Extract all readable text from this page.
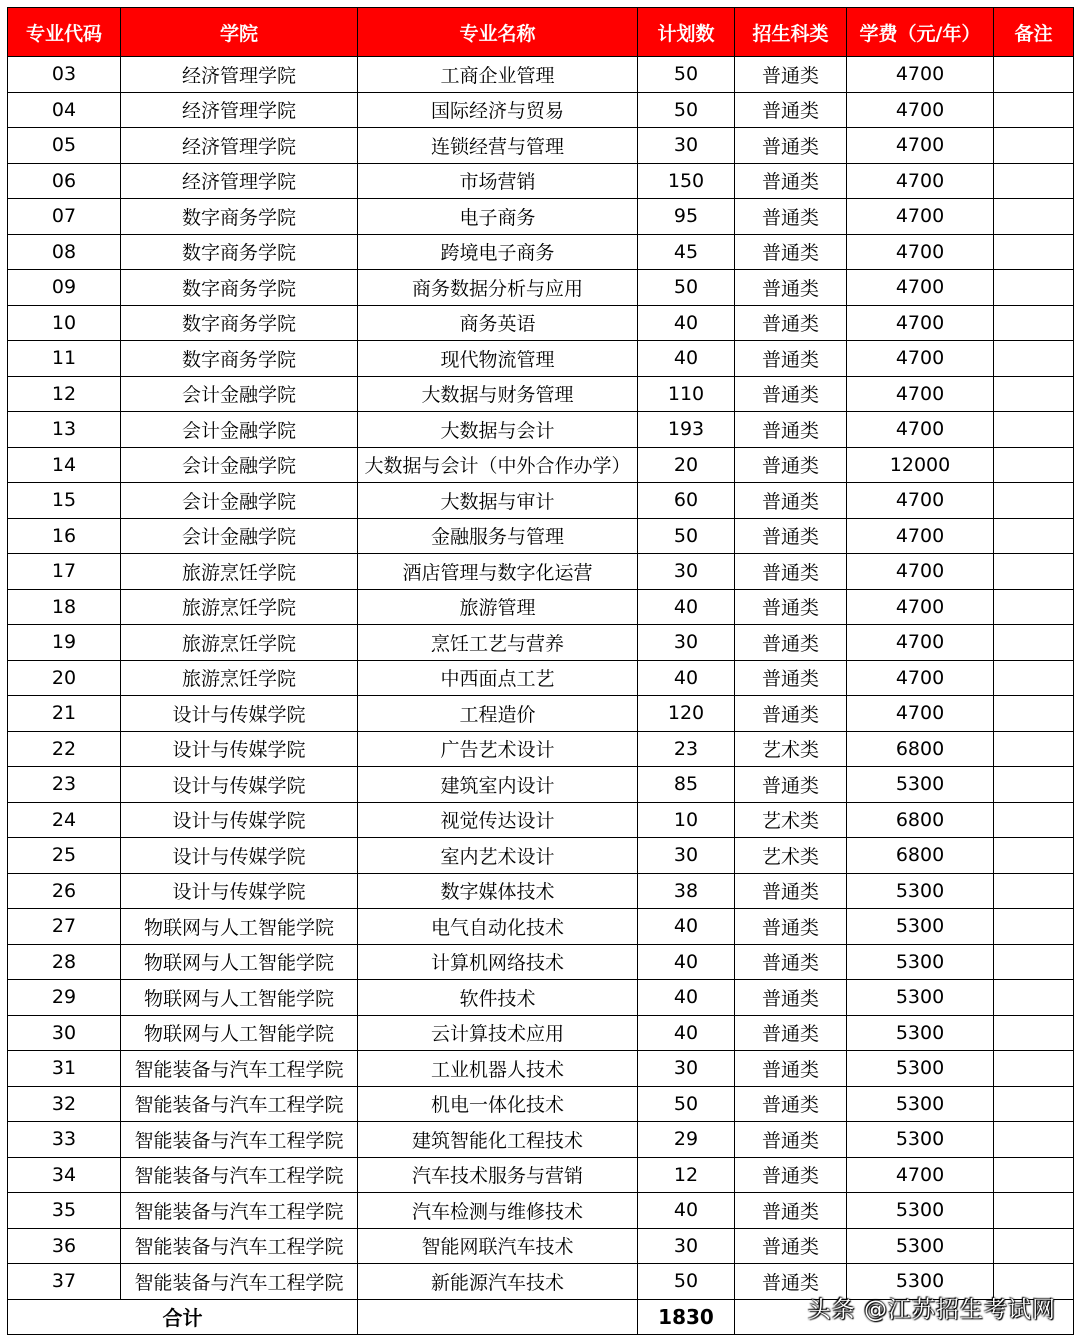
专业代码	学院	专业名称	计划数	招生科类	学费（元/年）	备注
03	经济管理学院	工商企业管理	50	普通类	4700	
04	经济管理学院	国际经济与贸易	50	普通类	4700	
05	经济管理学院	连锁经营与管理	30	普通类	4700	
06	经济管理学院	市场营销	150	普通类	4700	
07	数字商务学院	电子商务	95	普通类	4700	
08	数字商务学院	跨境电子商务	45	普通类	4700	
09	数字商务学院	商务数据分析与应用	50	普通类	4700	
10	数字商务学院	商务英语	40	普通类	4700	
11	数字商务学院	现代物流管理	40	普通类	4700	
12	会计金融学院	大数据与财务管理	110	普通类	4700	
13	会计金融学院	大数据与会计	193	普通类	4700	
14	会计金融学院	大数据与会计（中外合作办学）	20	普通类	12000	
15	会计金融学院	大数据与审计	60	普通类	4700	
16	会计金融学院	金融服务与管理	50	普通类	4700	
17	旅游烹饪学院	酒店管理与数字化运营	30	普通类	4700	
18	旅游烹饪学院	旅游管理	40	普通类	4700	
19	旅游烹饪学院	烹饪工艺与营养	30	普通类	4700	
20	旅游烹饪学院	中西面点工艺	40	普通类	4700	
21	设计与传媒学院	工程造价	120	普通类	4700	
22	设计与传媒学院	广告艺术设计	23	艺术类	6800	
23	设计与传媒学院	建筑室内设计	85	普通类	5300	
24	设计与传媒学院	视觉传达设计	10	艺术类	6800	
25	设计与传媒学院	室内艺术设计	30	艺术类	6800	
26	设计与传媒学院	数字媒体技术	38	普通类	5300	
27	物联网与人工智能学院	电气自动化技术	40	普通类	5300	
28	物联网与人工智能学院	计算机网络技术	40	普通类	5300	
29	物联网与人工智能学院	软件技术	40	普通类	5300	
30	物联网与人工智能学院	云计算技术应用	40	普通类	5300	
31	智能装备与汽车工程学院	工业机器人技术	30	普通类	5300	
32	智能装备与汽车工程学院	机电一体化技术	50	普通类	5300	
33	智能装备与汽车工程学院	建筑智能化工程技术	29	普通类	5300	
34	智能装备与汽车工程学院	汽车技术服务与营销	12	普通类	4700	
35	智能装备与汽车工程学院	汽车检测与维修技术	40	普通类	5300	
36	智能装备与汽车工程学院	智能网联汽车技术	30	普通类	5300	
37	智能装备与汽车工程学院	新能源汽车技术	50	普通类	5300	
合计			1830				头条 @江苏招生考试网
